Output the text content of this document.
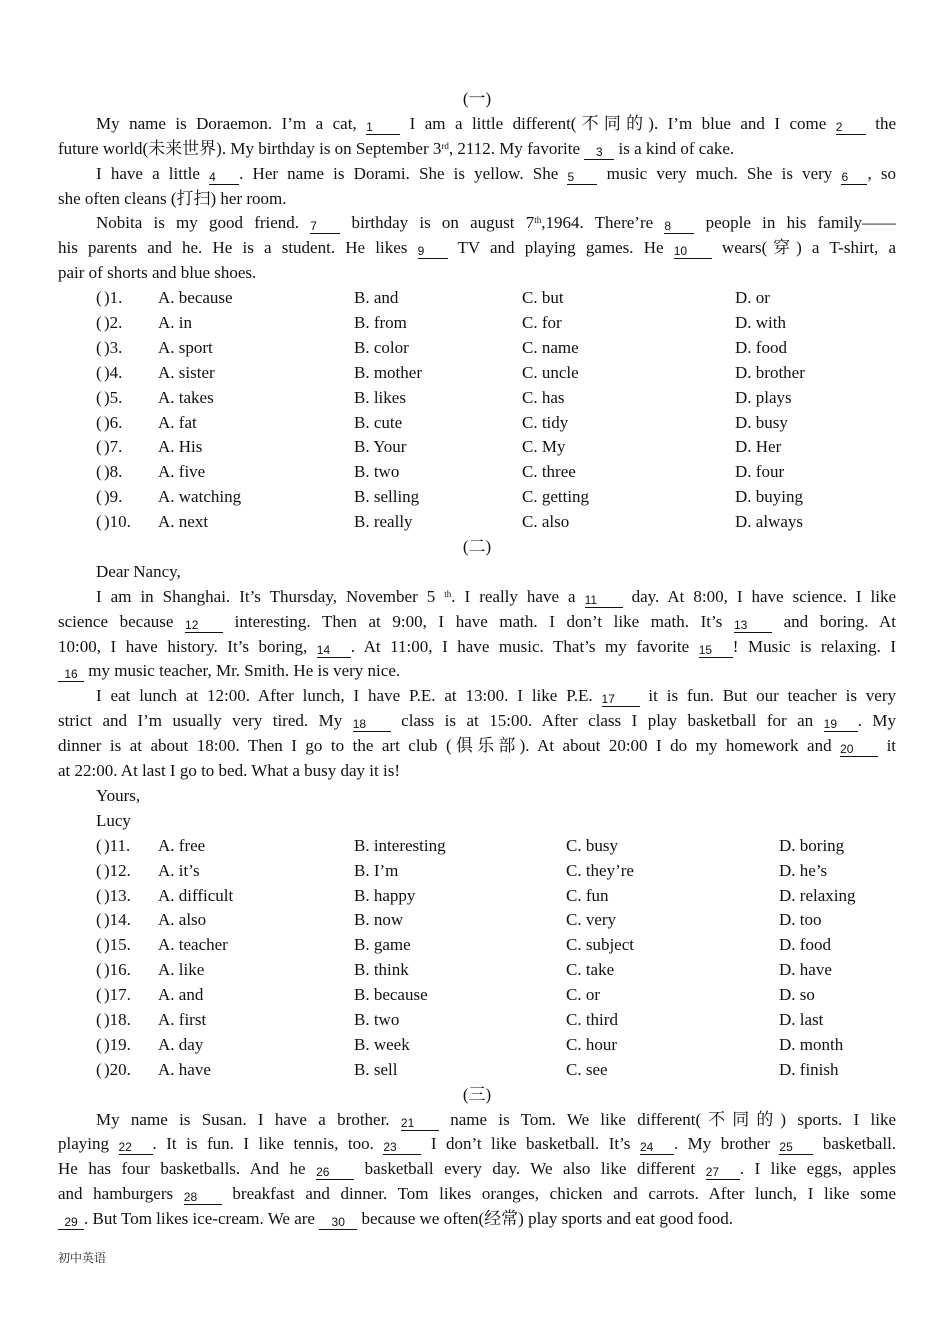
(一)
My name is Doraemon. I’m a cat, 1 I am a little different(不同的). I’m blue and I come 2 the
future world(未来世界). My birthday is on September 3rd, 2112. My favorite 3 is a kind of cake.
I have a little 4 . Her name is Dorami. She is yellow. She 5 music very much. She is very 6 , so
she often cleans (打扫) her room.
Nobita is my good friend. 7 birthday is on august 7th,1964. There’re 8 people in his family——
his parents and he. He is a student. He likes 9 TV and playing games. He 10 wears(穿) a T-shirt, a
pair of shorts and blue shoes.
( )1. A. because	B. and	C. but	D. or
( )2. A. in	B. from	C. for	D. with
( )3. A. sport	B. color	C. name	D. food
( )4. A. sister	B. mother	C. uncle	D. brother
( )5. A. takes	B. likes	C. has	D. plays
( )6. A. fat	B. cute	C. tidy	D. busy
( )7. A. His	B. Your	C. My	D. Her
( )8. A. five	B. two	C. three	D. four
( )9. A. watching	B. selling	C. getting	D. buying
( )10. A. next	B. really	C. also	D. always
(二)
Dear Nancy,
I am in Shanghai. It’s Thursday, November 5 $^{th}$. I really have a 11 day. At 8:00, I have science. I like
science because 12 interesting. Then at 9:00, I have math. I don’t like math. It’s 13 and boring. At
10:00, I have history. It’s boring, 14 . At 11:00, I have music. That’s my favorite 15 ! Music is relaxing. I
16 my music teacher, Mr. Smith. He is very nice.
I eat lunch at 12:00. After lunch, I have P.E. at 13:00. I like P.E. 17 it is fun. But our teacher is very
strict and I’m usually very tired. My 18 class is at 15:00. After class I play basketball for an 19 . My
dinner is at about 18:00. Then I go to the art club (俱乐部). At about 20:00 I do my homework and 20 it
at 22:00. At last I go to bed. What a busy day it is!
Yours,
Lucy
( )11. A. free	B. interesting	C. busy	D. boring
( )12. A. it’s	B. I’m	C. they’re	D. he’s
( )13. A. difficult	B. happy	C. fun	D. relaxing
( )14. A. also	B. now	C. very	D. too
( )15. A. teacher	B. game	C. subject	D. food
( )16. A. like	B. think	C. take	D. have
( )17. A. and	B. because	C. or	D. so
( )18. A. first	B. two	C. third	D. last
( )19. A. day	B. week	C. hour	D. month
( )20. A. have	B. sell	C. see	D. finish
(三)
My name is Susan. I have a brother. 21 name is Tom. We like different(不同的) sports. I like
playing 22 . It is fun. I like tennis, too. 23 I don’t like basketball. It’s 24 . My brother 25 basketball.
He has four basketballs. And he 26 basketball every day. We also like different 27 . I like eggs, apples
and hamburgers 28 breakfast and dinner. Tom likes oranges, chicken and carrots. After lunch, I like some
29 . But Tom likes ice-cream. We are 30 because we often(经常) play sports and eat good food.
初中英语
